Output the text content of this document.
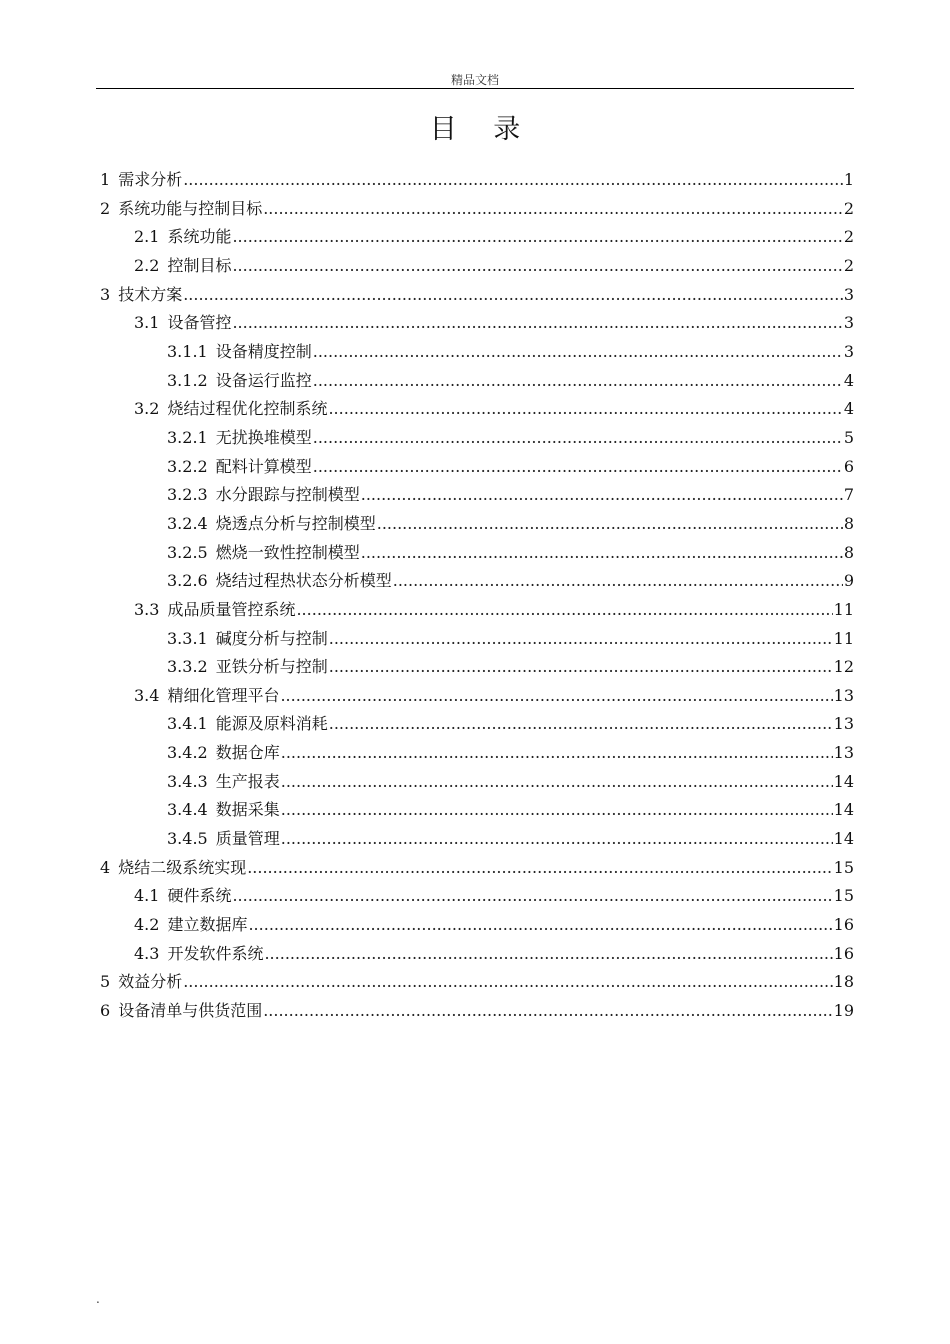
精品文档
目 录
1 需求分析 .....	1
2 系统功能与控制目标 .....	2
2.1 系统功能 .....	2
2.2 控制目标 .....	2
3 技术方案 .....	3
3.1 设备管控 .....	3
3.1.1 设备精度控制 .....	3
3.1.2 设备运行监控 .....	4
3.2 烧结过程优化控制系统 .....	4
3.2.1 无扰换堆模型 .....	5
3.2.2 配料计算模型 .....	6
3.2.3 水分跟踪与控制模型 .....	7
3.2.4 烧透点分析与控制模型 .....	8
3.2.5 燃烧一致性控制模型 .....	8
3.2.6 烧结过程热状态分析模型 .....	9
3.3 成品质量管控系统 .....	11
3.3.1 碱度分析与控制 .....	11
3.3.2 亚铁分析与控制 .....	12
3.4 精细化管理平台 .....	13
3.4.1 能源及原料消耗 .....	13
3.4.2 数据仓库 .....	13
3.4.3 生产报表 .....	14
3.4.4 数据采集 .....	14
3.4.5 质量管理 .....	14
4 烧结二级系统实现 .....	15
4.1 硬件系统 .....	15
4.2 建立数据库 .....	16
4.3 开发软件系统 .....	16
5 效益分析 .....	18
6 设备清单与供货范围 .....	19
.
